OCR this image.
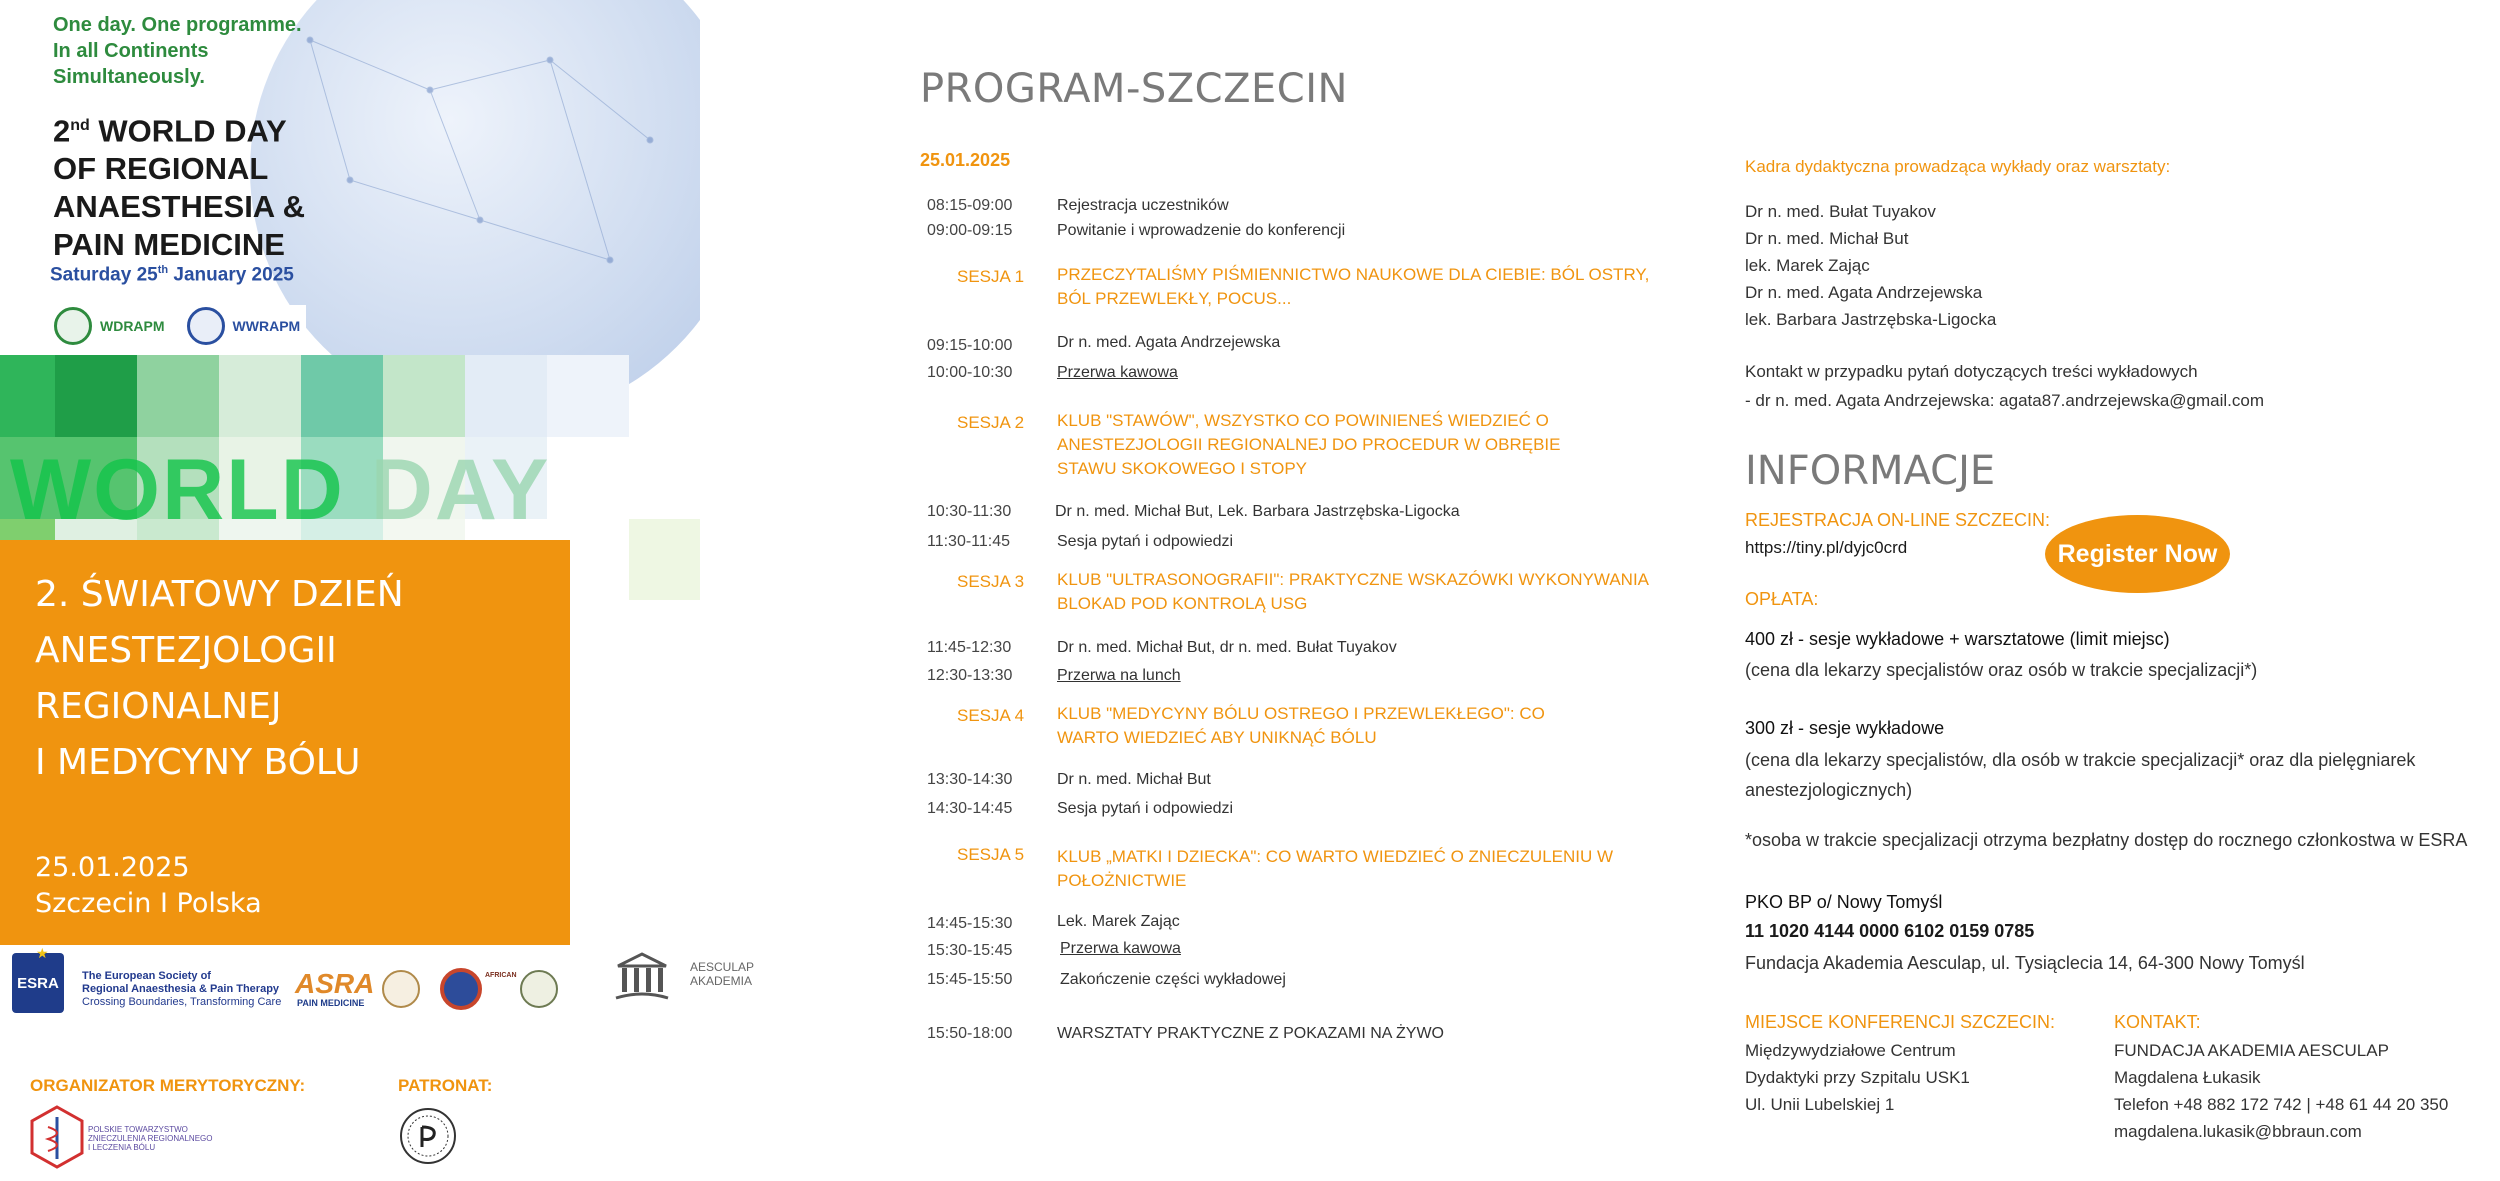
One day. One programme.
In all Continents
Simultaneously.
2nd WORLD DAY
OF REGIONAL
ANAESTHESIA &
PAIN MEDICINE
Saturday 25th January 2025
WDRAPM	WWRAPM
WORLD DAY
2. ŚWIATOWY DZIEŃ
ANESTEZJOLOGII REGIONALNEJ
I MEDYCYNY BÓLU
25.01.2025
Szczecin I Polska
ESRA
★
The European Society of
Regional Anaesthesia & Pain Therapy
Crossing Boundaries, Transforming Care
ASRA
PAIN MEDICINE
AFRICAN
AESCULAP
AKADEMIA
ORGANIZATOR MERYTORYCZNY:
POLSKIE TOWARZYSTWO
ZNIECZULENIA REGIONALNEGO
I LECZENIA BÓLU
PATRONAT:
PROGRAM-SZCZECIN
25.01.2025
08:15-09:00	Rejestracja uczestników
09:00-09:15	Powitanie i wprowadzenie do konferencji
SESJA 1 PRZECZYTALIŚMY PIŚMIENNICTWO NAUKOWE DLA CIEBIE: BÓL OSTRY, BÓL PRZEWLEKŁY, POCUS...
09:15-10:00	Dr n. med. Agata Andrzejewska
10:00-10:30	Przerwa kawowa
SESJA 2 KLUB "STAWÓW", WSZYSTKO CO POWINIENEŚ WIEDZIEĆ O ANESTEZJOLOGII REGIONALNEJ DO PROCEDUR W OBRĘBIE STAWU SKOKOWEGO I STOPY
10:30-11:30	Dr n. med. Michał But, Lek. Barbara Jastrzębska-Ligocka
11:30-11:45	Sesja pytań i odpowiedzi
SESJA 3 KLUB "ULTRASONOGRAFII": PRAKTYCZNE WSKAZÓWKI WYKONYWANIA BLOKAD POD KONTROLĄ USG
11:45-12:30	Dr n. med. Michał But, dr n. med. Bułat Tuyakov
12:30-13:30	Przerwa na lunch
SESJA 4 KLUB "MEDYCYNY BÓLU OSTREGO I PRZEWLEKŁEGO": CO WARTO WIEDZIEĆ ABY UNIKNĄĆ BÓLU
13:30-14:30	Dr n. med. Michał But
14:30-14:45	Sesja pytań i odpowiedzi
SESJA 5 KLUB „MATKI I DZIECKA": CO WARTO WIEDZIEĆ O ZNIECZULENIU W POŁOŻNICTWIE
14:45-15:30	Lek. Marek Zając
15:30-15:45	Przerwa kawowa
15:45-15:50	Zakończenie części wykładowej
15:50-18:00	WARSZTATY PRAKTYCZNE Z POKAZAMI NA ŻYWO
Kadra dydaktyczna prowadząca wykłady oraz warsztaty:
Dr n. med. Bułat Tuyakov
Dr n. med. Michał But
lek. Marek Zając
Dr n. med. Agata Andrzejewska
lek. Barbara Jastrzębska-Ligocka
Kontakt w przypadku pytań dotyczących treści wykładowych
- dr n. med. Agata Andrzejewska: agata87.andrzejewska@gmail.com
INFORMACJE
REJESTRACJA ON-LINE SZCZECIN:
https://tiny.pl/dyjc0crd	Register Now
OPŁATA:
400 zł - sesje wykładowe + warsztatowe (limit miejsc)
(cena dla lekarzy specjalistów oraz osób w trakcie specjalizacji*)
300 zł - sesje wykładowe
(cena dla lekarzy specjalistów, dla osób w trakcie specjalizacji* oraz dla pielęgniarek
anestezjologicznych)
*osoba w trakcie specjalizacji otrzyma bezpłatny dostęp do rocznego członkostwa w ESRA
PKO BP o/ Nowy Tomyśl
11 1020 4144 0000 6102 0159 0785
Fundacja Akademia Aesculap, ul. Tysiąclecia 14, 64-300 Nowy Tomyśl
MIEJSCE KONFERENCJI SZCZECIN:
Międzywydziałowe Centrum
Dydaktyki przy Szpitalu USK1
Ul. Unii Lubelskiej 1
KONTAKT:
FUNDACJA AKADEMIA AESCULAP
Magdalena Łukasik
Telefon +48 882 172 742 | +48 61 44 20 350
magdalena.lukasik@bbraun.com
